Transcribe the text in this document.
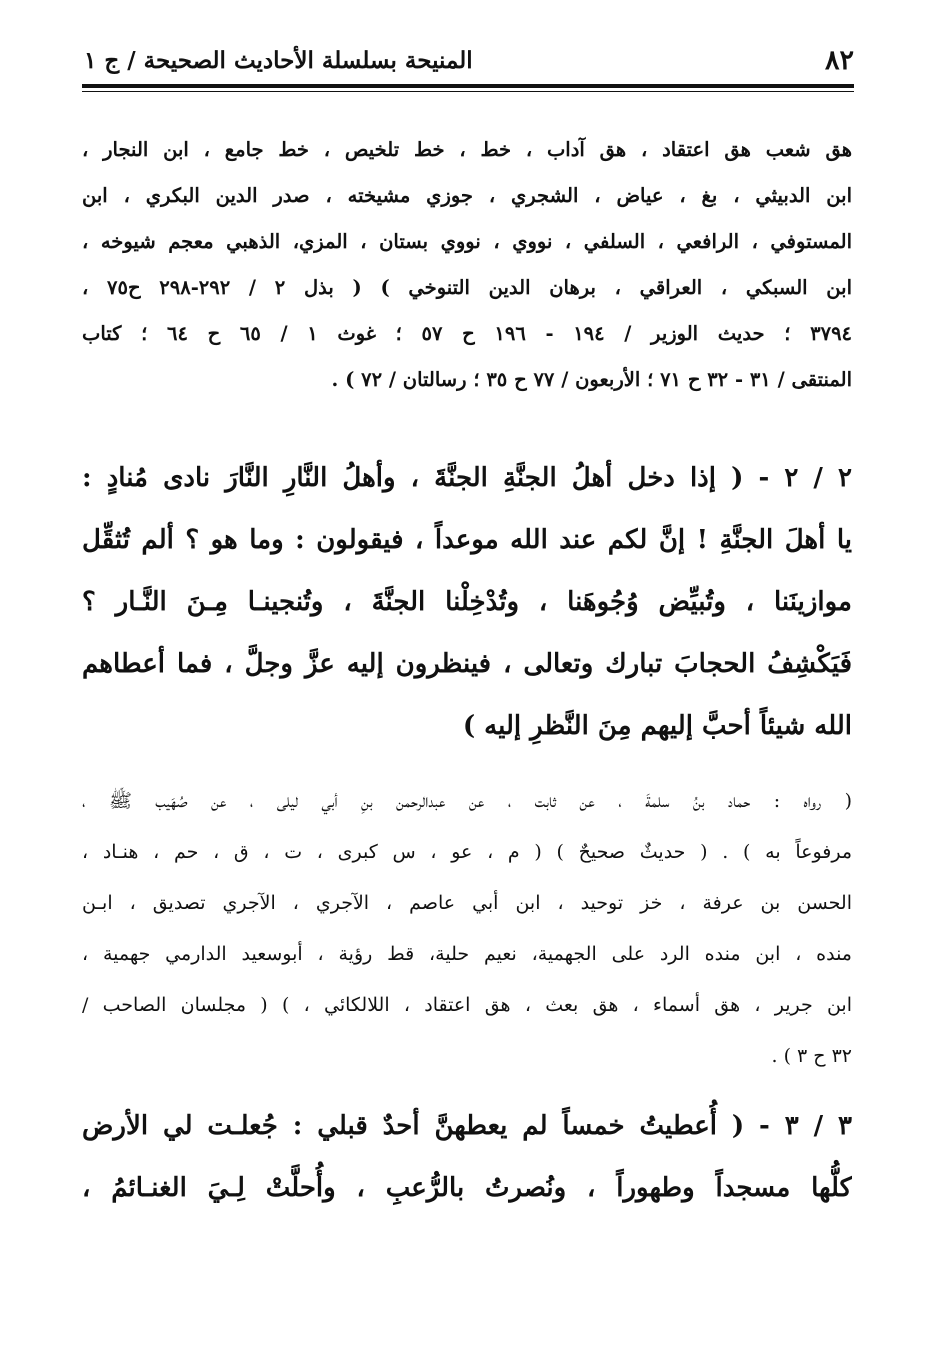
٨٢
المنيحة بسلسلة الأحاديث الصحيحة / ج ١
هق شعب هق اعتقاد ، هق آداب ، خط ، خط تلخيص ، خط جامع ، ابن النجار ،
ابن الدبيثي ، بغ ، عياض ، الشجري ، جوزي مشيخته ، صدر الدين البكري ، ابن
المستوفي ، الرافعي ، السلفي ، نووي ، نووي بستان ، المزي، الذهبي معجم شيوخه ،
ابن السبكي ، العراقي ، برهان الدين التنوخي ) ( بذل ٢ / ٢٩٢-٢٩٨ ح٧٥ ،
٣٧٩٤ ؛ حديث الوزير / ١٩٤ - ١٩٦ ح ٥٧ ؛ غوث ١ / ٦٥ ح ٦٤ ؛ كتاب
المنتقى / ٣١ - ٣٢ ح ٧١ ؛ الأربعون / ٧٧ ح ٣٥ ؛ رسالتان / ٧٢ ) .
٢ / ٢ - ( إذا دخل أهلُ الجنَّةِ الجنَّةَ ، وأهلُ النَّارِ النَّارَ نادى مُنادٍ :
يا أهلَ الجنَّةِ ! إنَّ لكم عند الله موعداً ، فيقولون : وما هو ؟ ألم تُثقِّل
موازينَنا ، وتُبيِّض وُجُوهَنا ، وتُدْخِلْنا الجنَّةَ ، وتُنجينـا مِـنَ النَّـار ؟
فَيَكْشِفُ الحجابَ تبارك وتعالى ، فينظرون إليه عزَّ وجلَّ ، فما أعطاهم
الله شيئاً أحبَّ إليهم مِنَ النَّظرِ إليه )
( رواه : حماد بنُ سلمةَ ، عن ثابت ، عن عبدالرحمن بنِ أبي ليلى ، عن صُهَيب ﷺ ،
مرفوعاً به ) . ( حديثٌ صحيحٌ ) ( م ، عو ، س كبرى ، ت ، ق ، حم ، هنـاد ،
الحسن بن عرفة ، خز توحيد ، ابن أبي عاصم ، الآجري ، الآجري تصديق ، ابـن
منده ، ابن منده الرد على الجهمية، نعيم حلية، قط رؤية ، أبوسعيد الدارمي جهمية ،
ابن جرير ، هق أسماء ، هق بعث ، هق اعتقاد ، اللالكائي ، ) ( مجلسان الصاحب /
٣٢ ح ٣ ) .
٣ / ٣ - ( أُعطيتُ خمساً لم يعطهنَّ أحدٌ قبلي : جُعلـت لي الأرض
كلُّها مسجداً وطهوراً ، ونُصرتُ بالرُّعبِ ، وأُحلَّتْ لِـيَ الغنـائمُ ،
